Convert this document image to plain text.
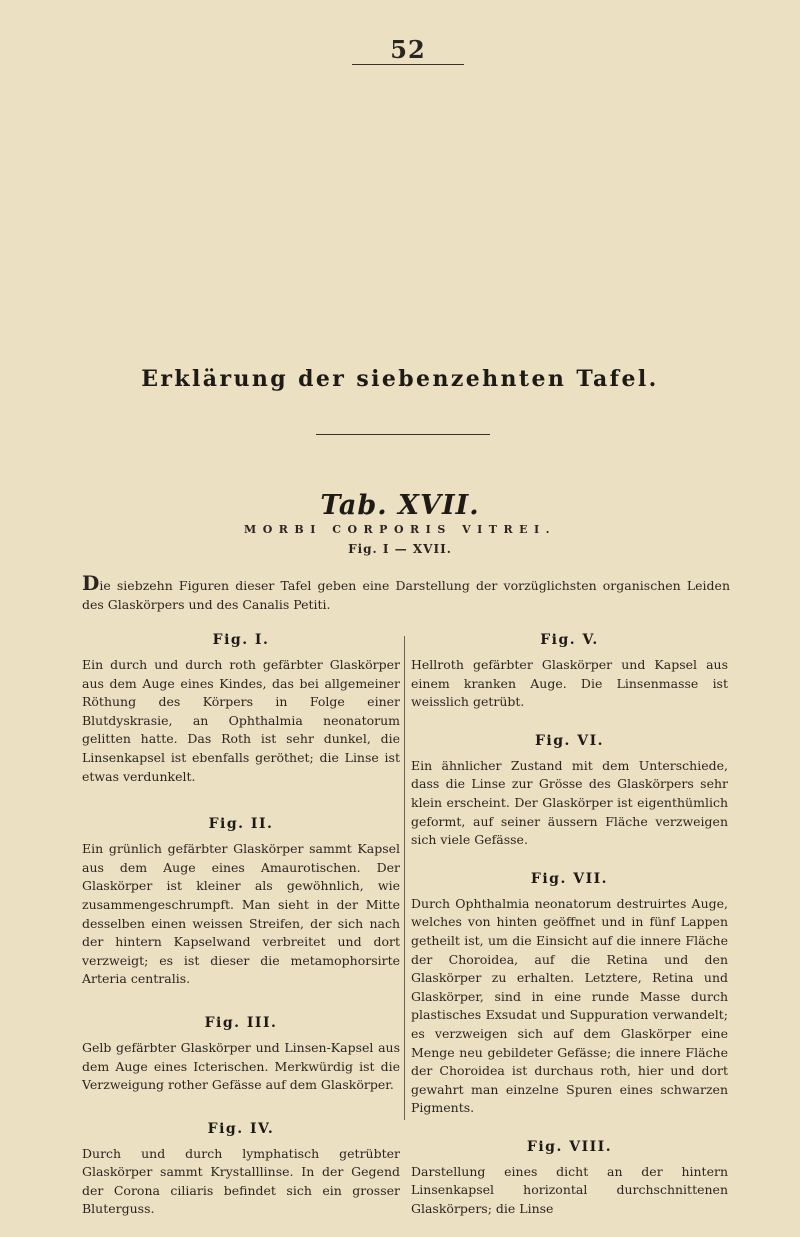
52
Erklärung der siebenzehnten Tafel.
Tab. XVII.
MORBI CORPORIS VITREI.
Fig. I — XVII.
Die siebzehn Figuren dieser Tafel geben eine Darstellung der vorzüglichsten organischen Leiden des Glaskörpers und des Canalis Petiti.
Fig. I.

Ein durch und durch roth gefärbter Glaskörper aus dem Auge eines Kindes, das bei allgemeiner Röthung des Körpers in Folge einer Blutdyskrasie, an Ophthalmia neonatorum gelitten hatte. Das Roth ist sehr dunkel, die Linsenkapsel ist ebenfalls geröthet; die Linse ist etwas verdunkelt.

Fig. II.

Ein grünlich gefärbter Glaskörper sammt Kapsel aus dem Auge eines Amaurotischen. Der Glaskörper ist kleiner als gewöhnlich, wie zusammengeschrumpft. Man sieht in der Mitte desselben einen weissen Streifen, der sich nach der hintern Kapselwand verbreitet und dort verzweigt; es ist dieser die metamophorsirte Arteria centralis.

Fig. III.

Gelb gefärbter Glaskörper und Linsen-Kapsel aus dem Auge eines Icterischen. Merkwürdig ist die Verzweigung rother Gefässe auf dem Glaskörper.

Fig. IV.

Durch und durch lymphatisch getrübter Glaskörper sammt Krystalllinse. In der Gegend der Corona ciliaris befindet sich ein grosser Bluterguss.

Fig. V.

Hellroth gefärbter Glaskörper und Kapsel aus einem kranken Auge. Die Linsenmasse ist weisslich getrübt.

Fig. VI.

Ein ähnlicher Zustand mit dem Unterschiede, dass die Linse zur Grösse des Glaskörpers sehr klein erscheint. Der Glaskörper ist eigenthümlich geformt, auf seiner äussern Fläche verzweigen sich viele Gefässe.

Fig. VII.

Durch Ophthalmia neonatorum destruirtes Auge, welches von hinten geöffnet und in fünf Lappen getheilt ist, um die Einsicht auf die innere Fläche der Choroidea, auf die Retina und den Glaskörper zu erhalten. Letztere, Retina und Glaskörper, sind in eine runde Masse durch plastisches Exsudat und Suppuration verwandelt; es verzweigen sich auf dem Glaskörper eine Menge neu gebildeter Gefässe; die innere Fläche der Choroidea ist durchaus roth, hier und dort gewahrt man einzelne Spuren eines schwarzen Pigments.

Fig. VIII.

Darstellung eines dicht an der hintern Linsenkapsel horizontal durchschnittenen Glaskörpers; die Linse
